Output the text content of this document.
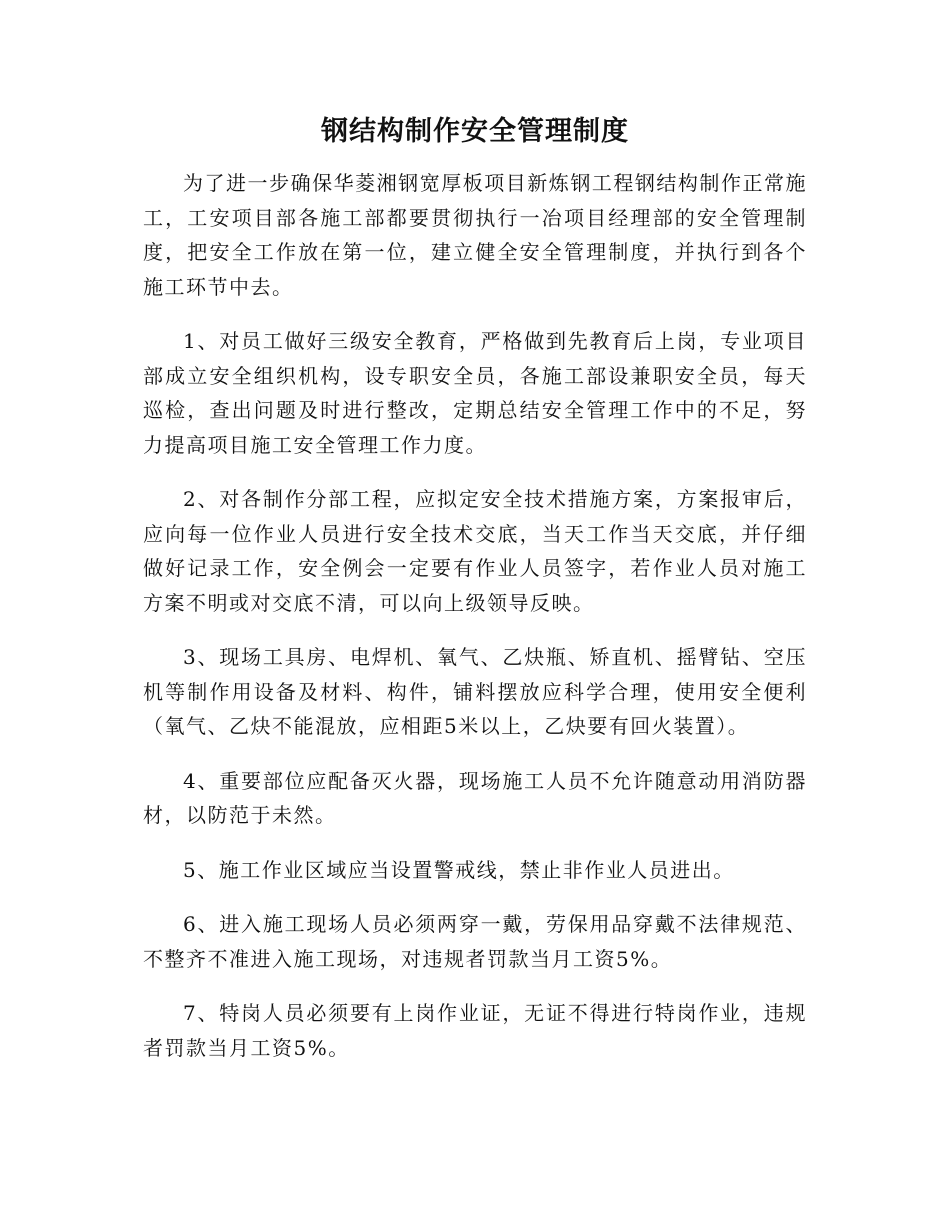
钢结构制作安全管理制度

为了进一步确保华菱湘钢宽厚板项目新炼钢工程钢结构制作正常施工，工安项目部各施工部都要贯彻执行一冶项目经理部的安全管理制度，把安全工作放在第一位，建立健全安全管理制度，并执行到各个施工环节中去。

1、对员工做好三级安全教育，严格做到先教育后上岗，专业项目部成立安全组织机构，设专职安全员，各施工部设兼职安全员，每天巡检，查出问题及时进行整改，定期总结安全管理工作中的不足，努力提高项目施工安全管理工作力度。

2、对各制作分部工程，应拟定安全技术措施方案，方案报审后，应向每一位作业人员进行安全技术交底，当天工作当天交底，并仔细做好记录工作，安全例会一定要有作业人员签字，若作业人员对施工方案不明或对交底不清，可以向上级领导反映。

3、现场工具房、电焊机、氧气、乙炔瓶、矫直机、摇臂钻、空压机等制作用设备及材料、构件，铺料摆放应科学合理，使用安全便利（氧气、乙炔不能混放，应相距5米以上，乙炔要有回火装置）。

4、重要部位应配备灭火器，现场施工人员不允许随意动用消防器材，以防范于未然。

5、施工作业区域应当设置警戒线，禁止非作业人员进出。

6、进入施工现场人员必须两穿一戴，劳保用品穿戴不法律规范、不整齐不准进入施工现场，对违规者罚款当月工资5%。

7、特岗人员必须要有上岗作业证，无证不得进行特岗作业，违规者罚款当月工资5%。
